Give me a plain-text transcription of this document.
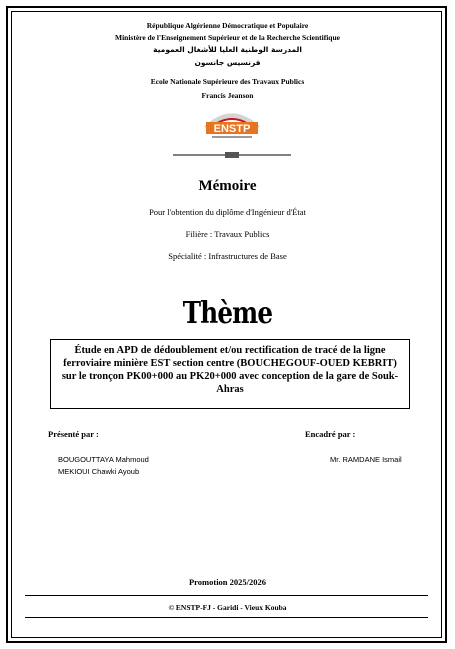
République Algérienne Démocratique et Populaire
Ministère de l'Enseignement Supérieur et de la Recherche Scientifique
المدرسة الوطنية العليا للأشغال العمومية
فرنسيس جانسون
Ecole Nationale Supérieure des Travaux Publics
Francis Jeanson
ENSTP
Mémoire
Pour l'obtention du diplôme d'Ingénieur d'État
Filière : Travaux Publics
Spécialité : Infrastructures de Base
Thème
Étude en APD de dédoublement et/ou rectification de tracé de la ligne ferroviaire minière EST section centre (BOUCHEGOUF-OUED KEBRIT) sur le tronçon PK00+000 au PK20+000 avec conception de la gare de Souk-Ahras
Présenté par :	Encadré par :
BOUGOUTTAYA Mahmoud
MEKIOUI Chawki Ayoub
Mr. RAMDANE Ismail
Promotion 2025/2026
© ENSTP-FJ - Garidi - Vieux Kouba
